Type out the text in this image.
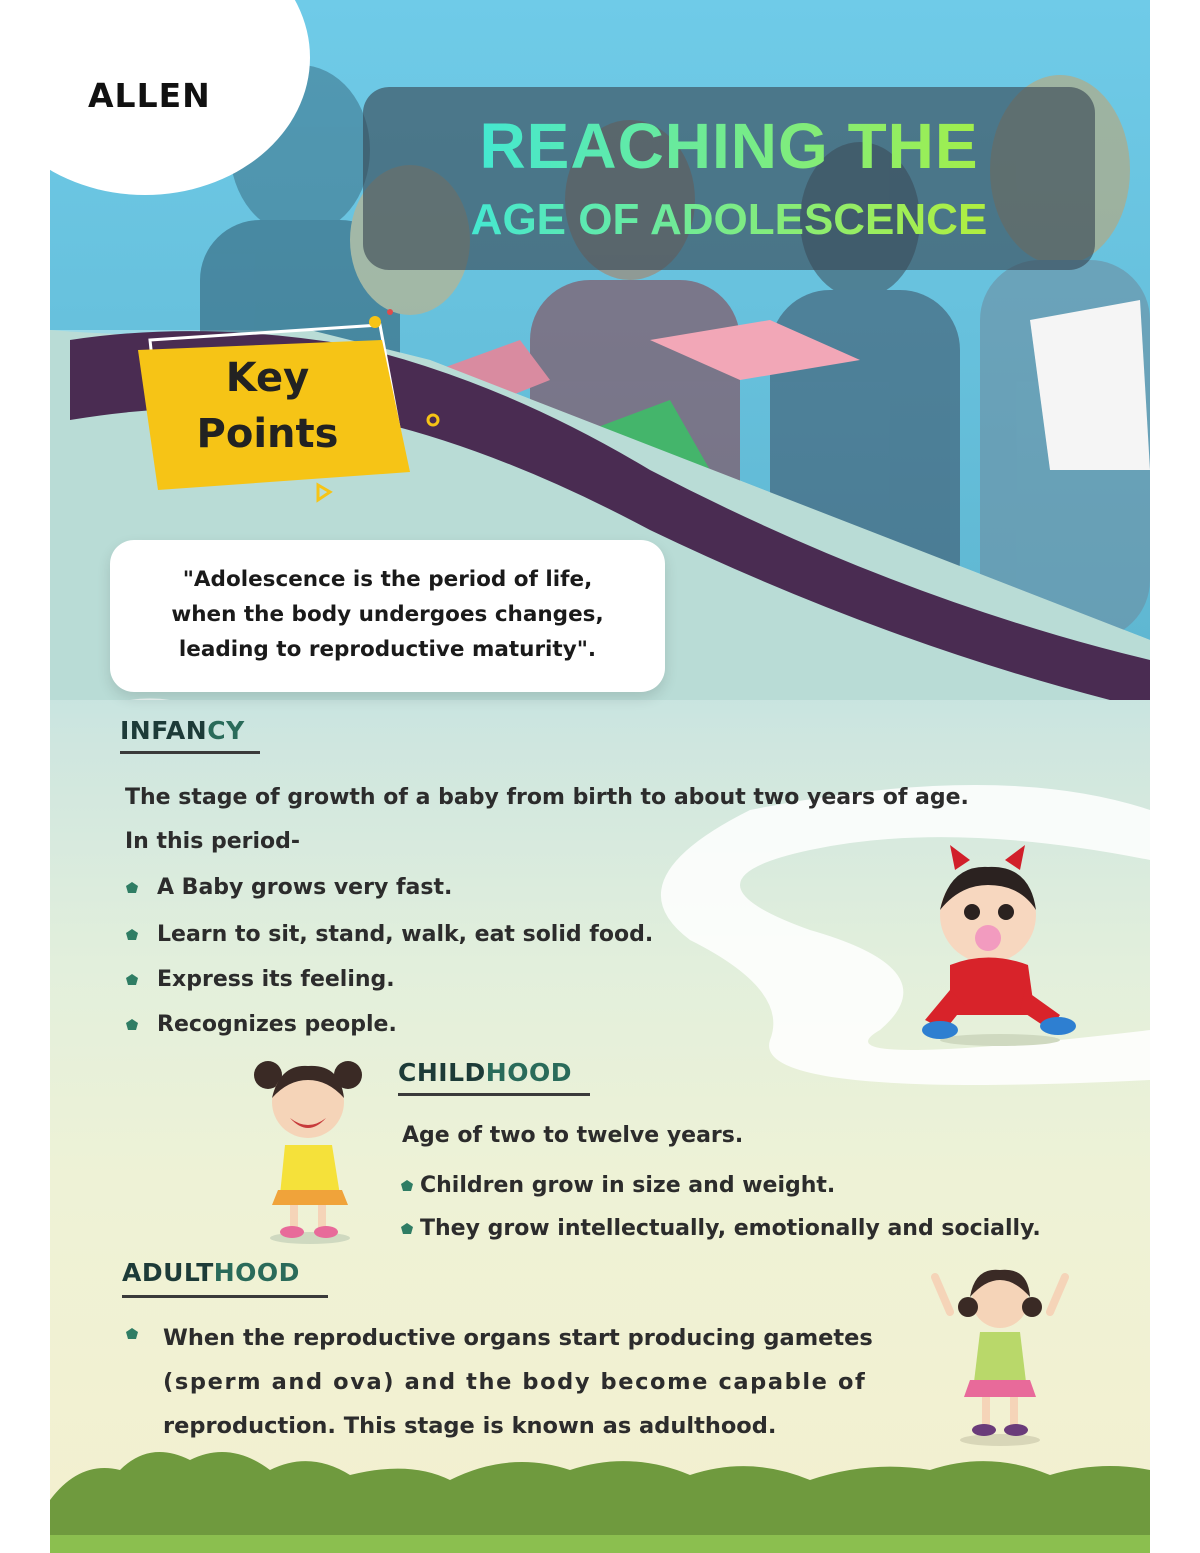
ALLEN
REACHING THE
AGE OF ADOLESCENCE
Key
Points
"Adolescence is the period of life,
when the body undergoes changes,
leading to reproductive maturity".
INFANCY
The stage of growth of a baby from birth to about two years of age.
In this period-
A Baby grows very fast.
Learn to sit, stand, walk, eat solid food.
Express its feeling.
Recognizes people.
CHILDHOOD
Age of two to twelve years.
Children grow in size and weight.
They grow intellectually, emotionally and socially.
ADULTHOOD
When the reproductive organs start producing gametes
(sperm and ova) and the body become capable of
reproduction. This stage is known as adulthood.
